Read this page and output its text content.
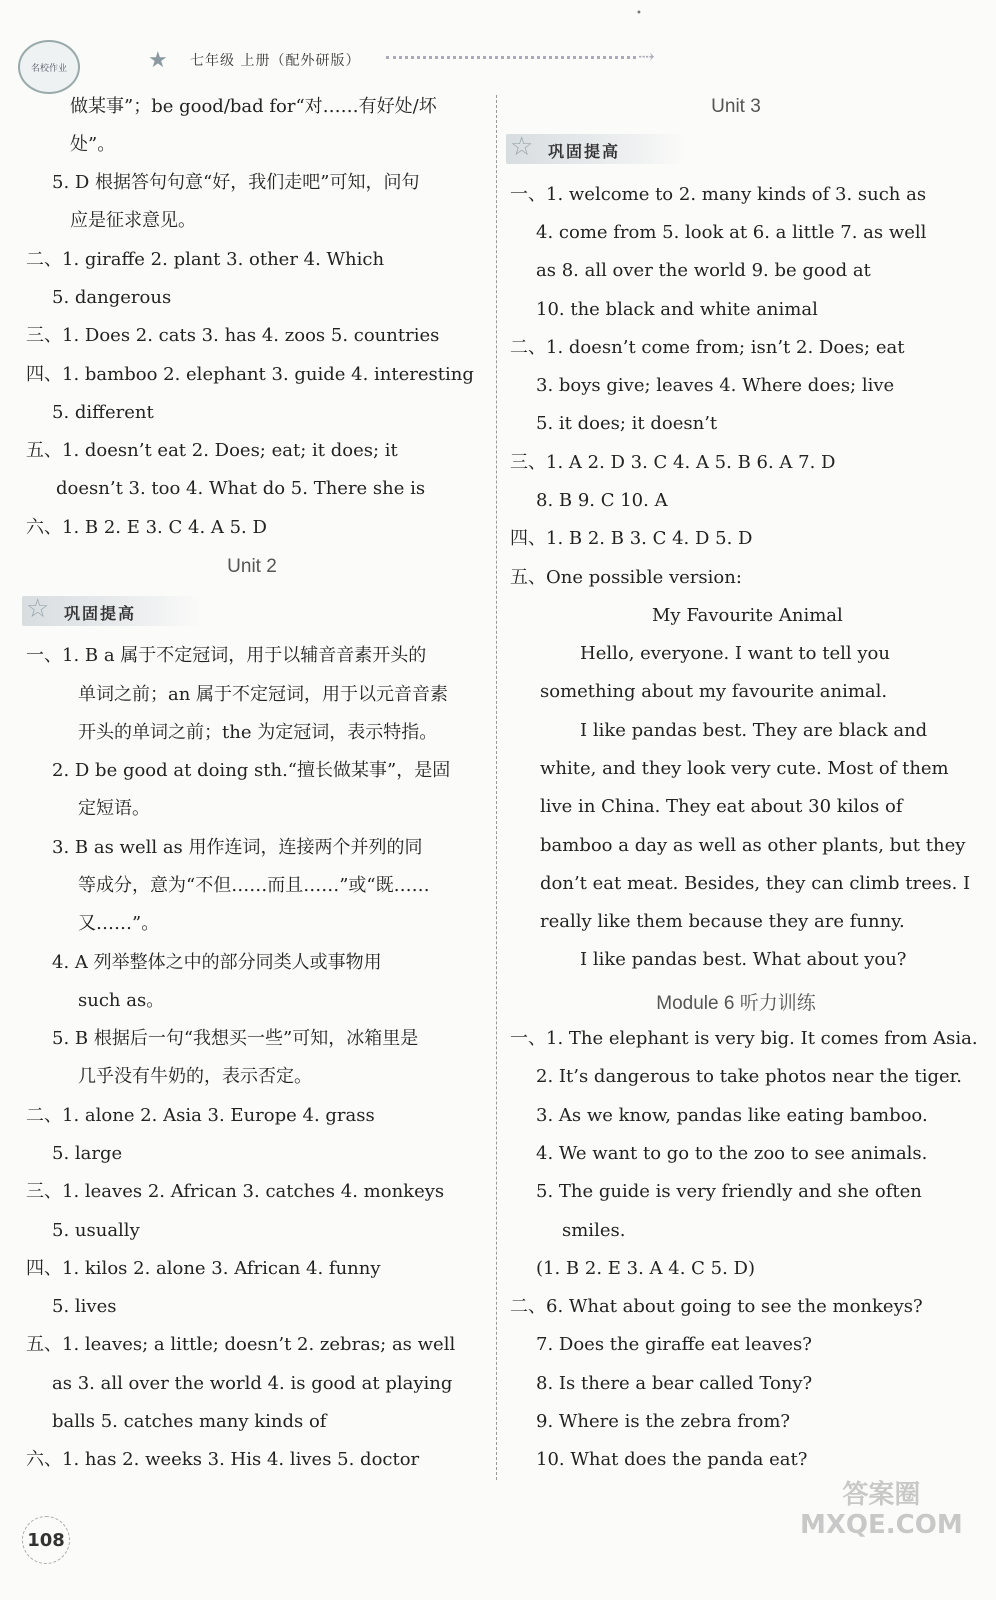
•
名校作业	★ 七年级 上册（配外研版）	⇢
做某事”；be good/bad for“对……有好处/坏
处”。
5. D 根据答句句意“好，我们走吧”可知，问句
应是征求意见。
二、1. giraffe 2. plant 3. other 4. Which
5. dangerous
三、1. Does 2. cats 3. has 4. zoos 5. countries
四、1. bamboo 2. elephant 3. guide 4. interesting
5. different
五、1. doesn’t eat 2. Does; eat; it does; it
doesn’t 3. too 4. What do 5. There she is
六、1. B 2. E 3. C 4. A 5. D
一、1. B a 属于不定冠词，用于以辅音音素开头的
单词之前；an 属于不定冠词，用于以元音音素
开头的单词之前；the 为定冠词，表示特指。
2. D be good at doing sth.“擅长做某事”，是固
定短语。
3. B as well as 用作连词，连接两个并列的同
等成分，意为“不但……而且……”或“既……
又……”。
4. A 列举整体之中的部分同类人或事物用
such as。
5. B 根据后一句“我想买一些”可知，冰箱里是
几乎没有牛奶的，表示否定。
二、1. alone 2. Asia 3. Europe 4. grass
5. large
三、1. leaves 2. African 3. catches 4. monkeys
5. usually
四、1. kilos 2. alone 3. African 4. funny
5. lives
五、1. leaves; a little; doesn’t 2. zebras; as well
as 3. all over the world 4. is good at playing
balls 5. catches many kinds of
六、1. has 2. weeks 3. His 4. lives 5. doctor
Unit 2
☆ 巩固提高
一、1. welcome to 2. many kinds of 3. such as
4. come from 5. look at 6. a little 7. as well
as 8. all over the world 9. be good at
10. the black and white animal
二、1. doesn’t come from; isn’t 2. Does; eat
3. boys give; leaves 4. Where does; live
5. it does; it doesn’t
三、1. A 2. D 3. C 4. A 5. B 6. A 7. D
8. B 9. C 10. A
四、1. B 2. B 3. C 4. D 5. D
五、One possible version:
My Favourite Animal
Hello, everyone. I want to tell you
something about my favourite animal.
I like pandas best. They are black and
white, and they look very cute. Most of them
live in China. They eat about 30 kilos of
bamboo a day as well as other plants, but they
don’t eat meat. Besides, they can climb trees. I
really like them because they are funny.
I like pandas best. What about you?
一、1. The elephant is very big. It comes from Asia.
2. It’s dangerous to take photos near the tiger.
3. As we know, pandas like eating bamboo.
4. We want to go to the zoo to see animals.
5. The guide is very friendly and she often
smiles.
(1. B 2. E 3. A 4. C 5. D)
二、6. What about going to see the monkeys?
7. Does the giraffe eat leaves?
8. Is there a bear called Tony?
9. Where is the zebra from?
10. What does the panda eat?
Unit 3
Module 6 听力训练
☆ 巩固提高
108
答案圈
MXQE.COM
